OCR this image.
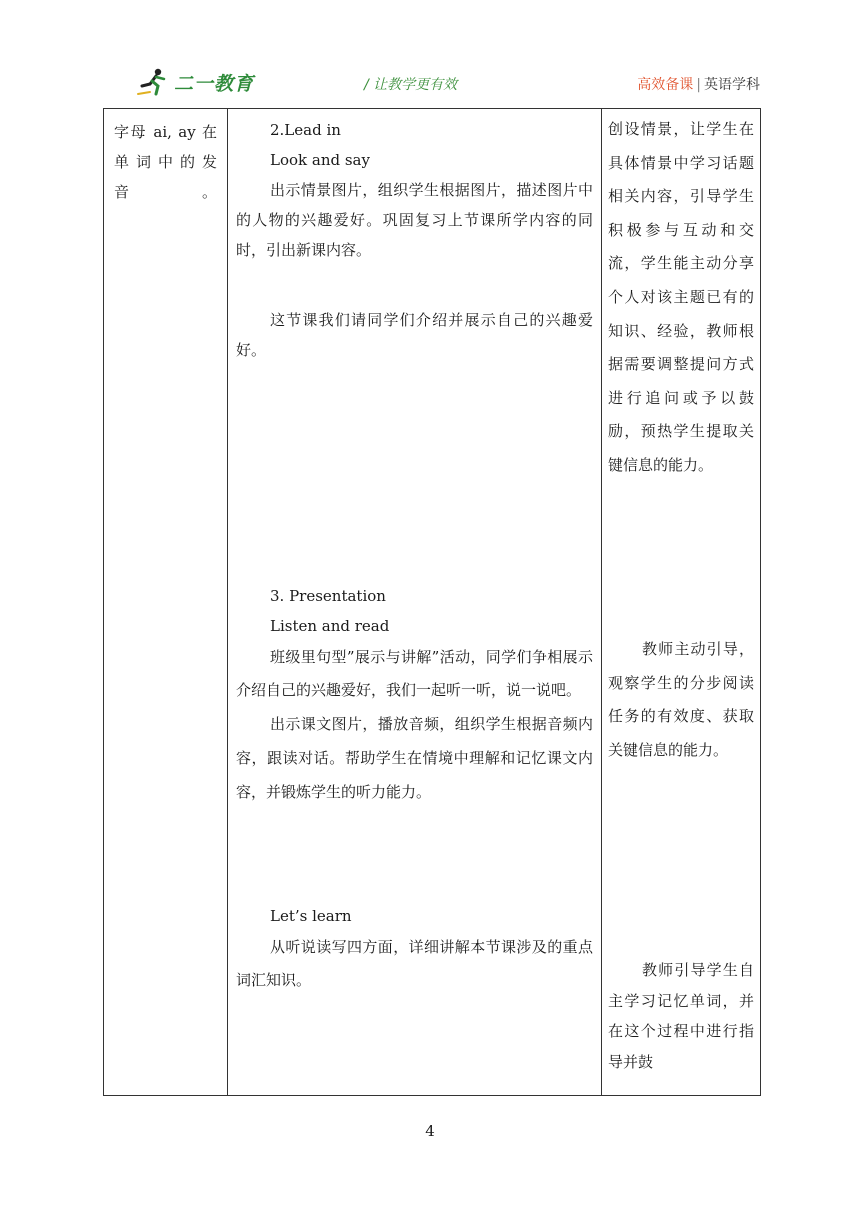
二一教育	/ 让教学更有效	高效备课 | 英语学科
字母 ai, ay 在单词中的发音。

2.Lead in
Look and say
出示情景图片，组织学生根据图片，描述图片中的人物的兴趣爱好。巩固复习上节课所学内容的同时，引出新课内容。
这节课我们请同学们介绍并展示自己的兴趣爱好。
3. Presentation
Listen and read
班级里句型”展示与讲解”活动，同学们争相展示介绍自己的兴趣爱好，我们一起听一听，说一说吧。
出示课文图片，播放音频，组织学生根据音频内容，跟读对话。帮助学生在情境中理解和记忆课文内容，并锻炼学生的听力能力。
Let’s learn
从听说读写四方面，详细讲解本节课涉及的重点词汇知识。

创设情景，让学生在具体情景中学习话题相关内容，引导学生积极参与互动和交流，学生能主动分享个人对该主题已有的知识、经验，教师根据需要调整提问方式进行追问或予以鼓励，预热学生提取关键信息的能力。
教师主动引导，观察学生的分步阅读任务的有效度、获取关键信息的能力。
教师引导学生自主学习记忆单词，并在这个过程中进行指导并鼓
4
